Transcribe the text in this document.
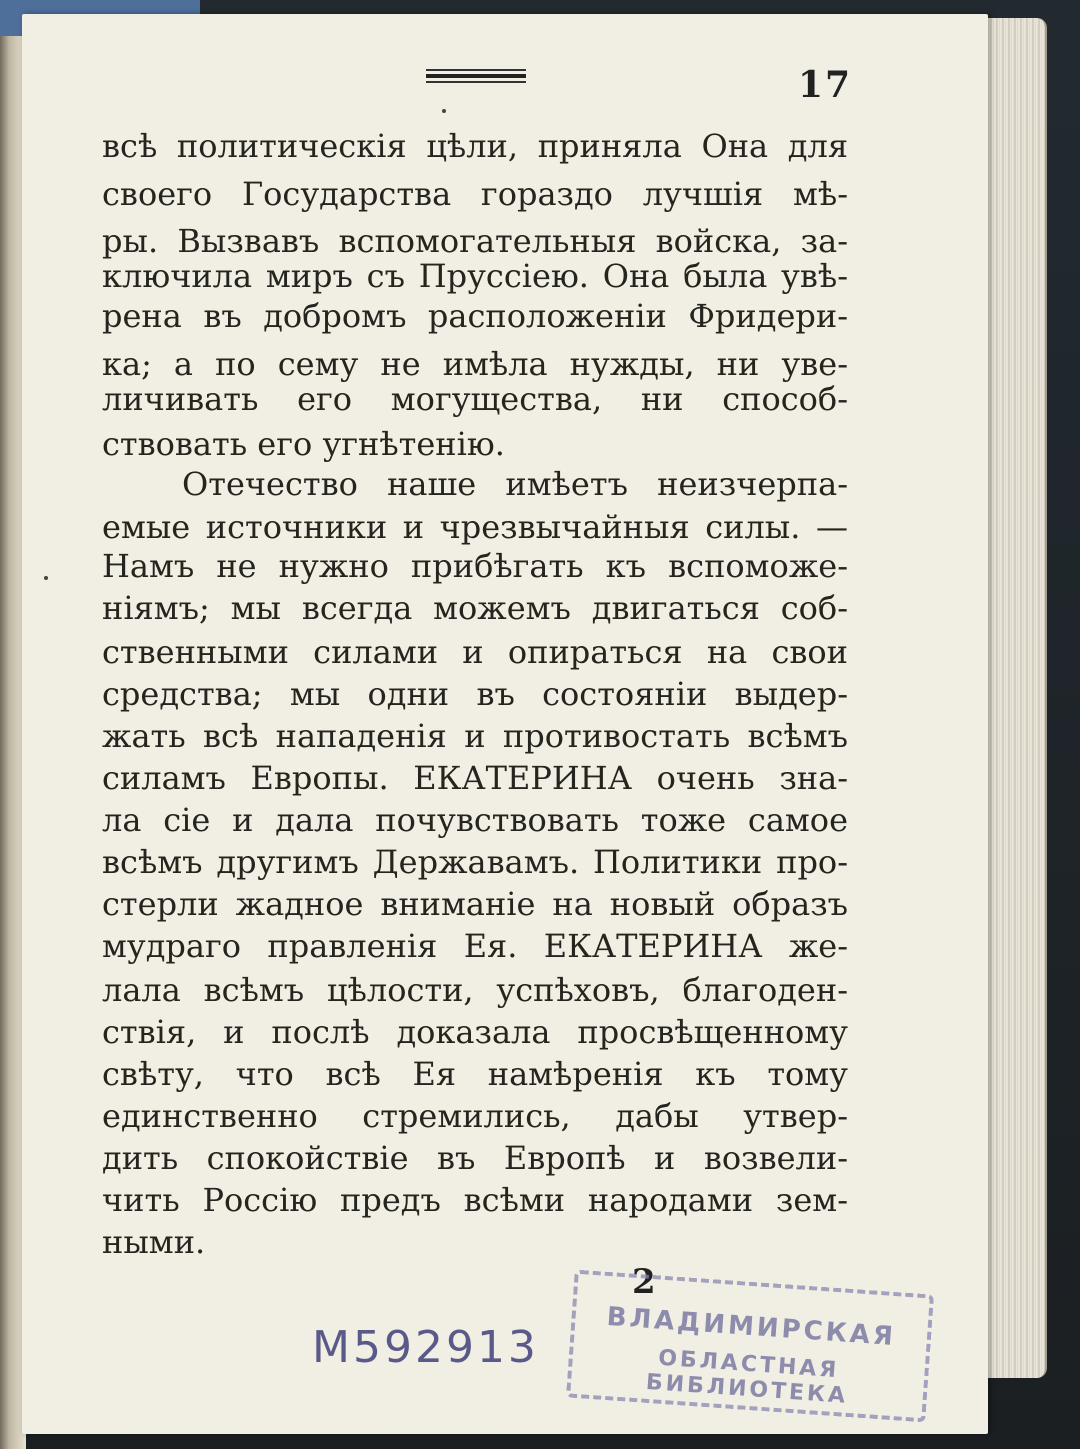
17
всѣ политическія цѣли, приняла Она для
своего Государства гораздо лучшія мѣ-
ры. Вызвавъ вспомогательныя войска, за-
ключила миръ съ Пруссіею. Она была увѣ-
рена въ добромъ расположеніи Фридери-
ка; а по сему не имѣла нужды, ни уве-
личивать его могущества, ни способ-
ствовать его угнѣтенію.
Отечество наше имѣетъ неизчерпа-
емые источники и чрезвычайныя силы. —
Намъ не нужно прибѣгать къ вспоможе-
ніямъ; мы всегда можемъ двигаться соб-
ственными силами и опираться на свои
средства; мы одни въ состояніи выдер-
жать всѣ нападенія и противостать всѣмъ
силамъ Европы. ЕКАТЕРИНА очень зна-
ла сіе и дала почувствовать тоже самое
всѣмъ другимъ Державамъ. Политики про-
стерли жадное вниманіе на новый образъ
мудраго правленія Ея. ЕКАТЕРИНА же-
лала всѣмъ цѣлости, успѣховъ, благоден-
ствія, и послѣ доказала просвѣщенному
свѣту, что всѣ Ея намѣренія къ тому
единственно стремились, дабы утвер-
дить спокойствіе въ Европѣ и возвели-
чить Россію предъ всѣми народами зем-
ными.
2
М592913	ВЛАДИМИРСКАЯ
ОБЛАСТНАЯ БИБЛИОТЕКА
